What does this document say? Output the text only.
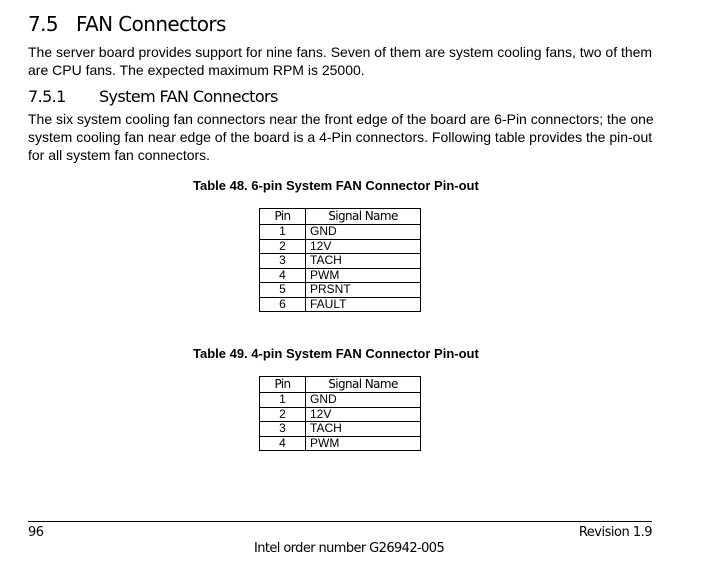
7.5 FAN Connectors
The server board provides support for nine fans. Seven of them are system cooling fans, two of them are CPU fans. The expected maximum RPM is 25000.
7.5.1 System FAN Connectors
The six system cooling fan connectors near the front edge of the board are 6-Pin connectors; the one system cooling fan near edge of the board is a 4-Pin connectors. Following table provides the pin-out for all system fan connectors.
Table 48. 6-pin System FAN Connector Pin-out
Pin	Signal Name
1	GND
2	12V
3	TACH
4	PWM
5	PRSNT
6	FAULT
Table 49. 4-pin System FAN Connector Pin-out
Pin	Signal Name
1	GND
2	12V
3	TACH
4	PWM
96	Revision 1.9
Intel order number G26942-005
